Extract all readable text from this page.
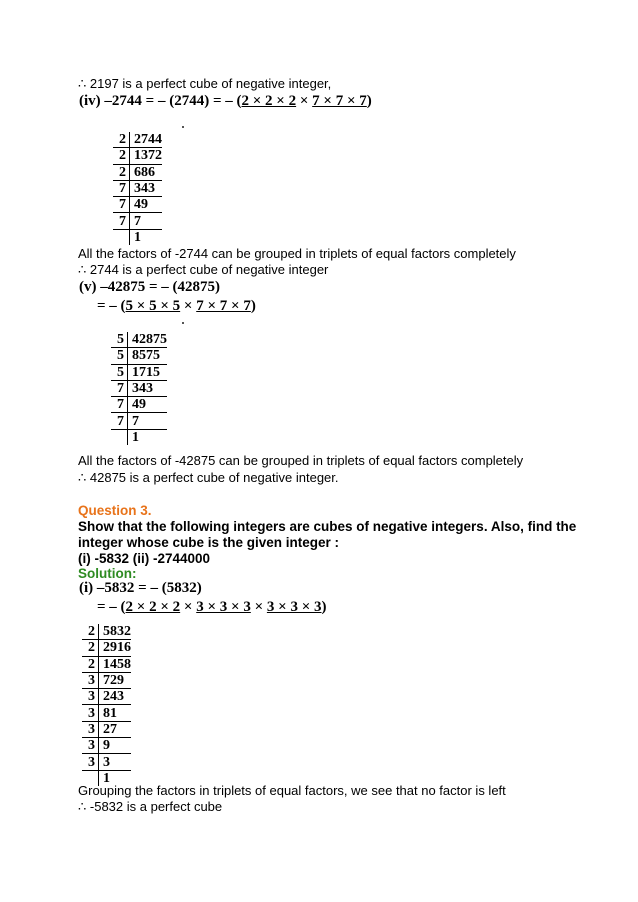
∴ 2197 is a perfect cube of negative integer,
(iv) –2744 = – (2744) = – (2 × 2 × 2 × 7 × 7 × 7)
2	2744
2	1372
2	686
7	343
7	49
7	7
	1
All the factors of -2744 can be grouped in triplets of equal factors completely
∴ 2744 is a perfect cube of negative integer
(v) –42875 = – (42875)
= – (5 × 5 × 5 × 7 × 7 × 7)
5	42875
5	8575
5	1715
7	343
7	49
7	7
	1
All the factors of -42875 can be grouped in triplets of equal factors completely
∴ 42875 is a perfect cube of negative integer.
Question 3.
Show that the following integers are cubes of negative integers. Also, find the
integer whose cube is the given integer :
(i) -5832 (ii) -2744000
Solution:
(i) –5832 = – (5832)
= – (2 × 2 × 2 × 3 × 3 × 3 × 3 × 3 × 3)
2	5832
2	2916
2	1458
3	729
3	243
3	81
3	27
3	9
3	3
	1
Grouping the factors in triplets of equal factors, we see that no factor is left
∴ -5832 is a perfect cube
